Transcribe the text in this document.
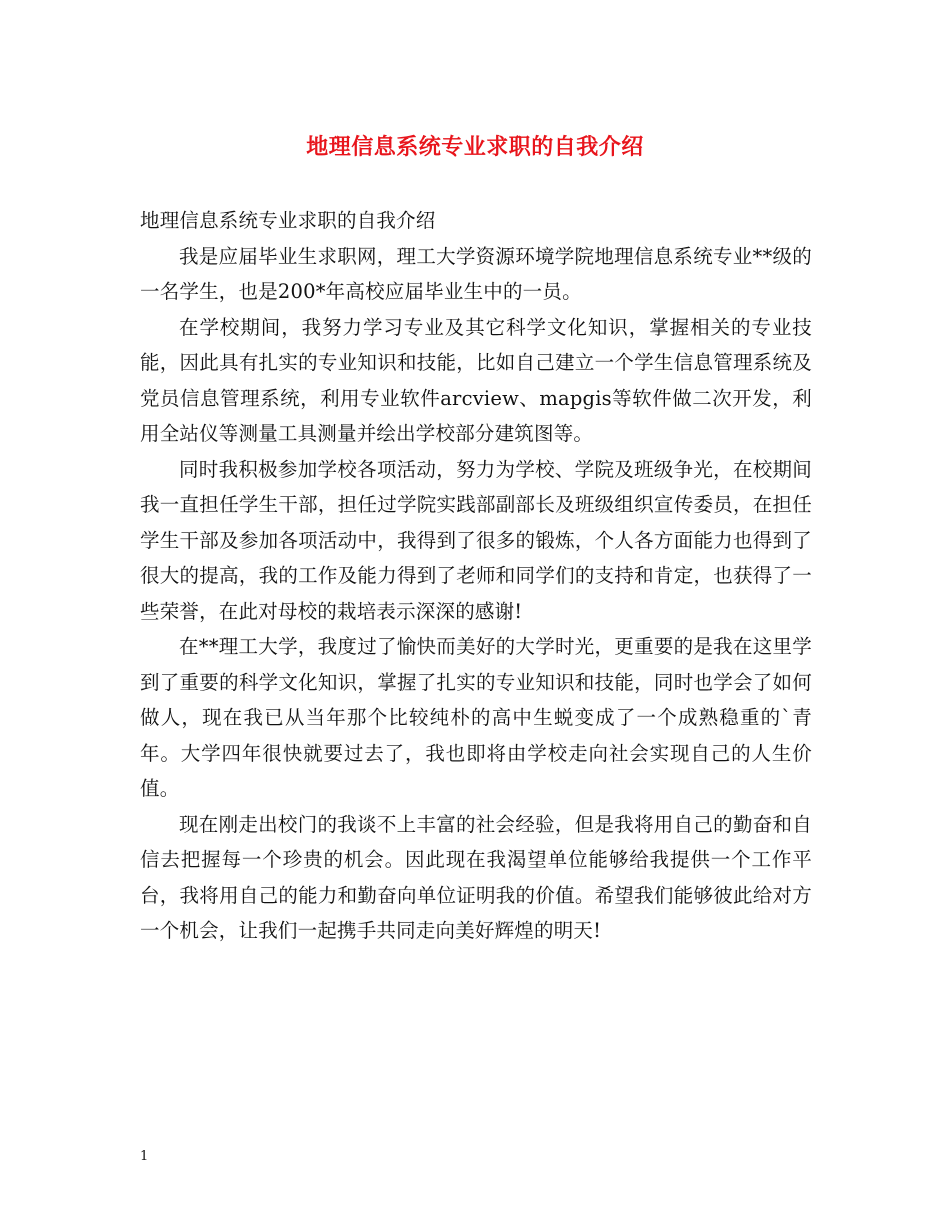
地理信息系统专业求职的自我介绍

地理信息系统专业求职的自我介绍

我是应届毕业生求职网，理工大学资源环境学院地理信息系统专业**级的一名学生，也是200*年高校应届毕业生中的一员。

在学校期间，我努力学习专业及其它科学文化知识，掌握相关的专业技能，因此具有扎实的专业知识和技能，比如自己建立一个学生信息管理系统及党员信息管理系统，利用专业软件arcview、mapgis等软件做二次开发，利用全站仪等测量工具测量并绘出学校部分建筑图等。

同时我积极参加学校各项活动，努力为学校、学院及班级争光，在校期间我一直担任学生干部，担任过学院实践部副部长及班级组织宣传委员，在担任学生干部及参加各项活动中，我得到了很多的锻炼，个人各方面能力也得到了很大的提高，我的工作及能力得到了老师和同学们的支持和肯定，也获得了一些荣誉，在此对母校的栽培表示深深的感谢!

在**理工大学，我度过了愉快而美好的大学时光，更重要的是我在这里学到了重要的科学文化知识，掌握了扎实的专业知识和技能，同时也学会了如何做人，现在我已从当年那个比较纯朴的高中生蜕变成了一个成熟稳重的`青年。大学四年很快就要过去了，我也即将由学校走向社会实现自己的人生价值。

现在刚走出校门的我谈不上丰富的社会经验，但是我将用自己的勤奋和自信去把握每一个珍贵的机会。因此现在我渴望单位能够给我提供一个工作平台，我将用自己的能力和勤奋向单位证明我的价值。希望我们能够彼此给对方一个机会，让我们一起携手共同走向美好辉煌的明天!

1
